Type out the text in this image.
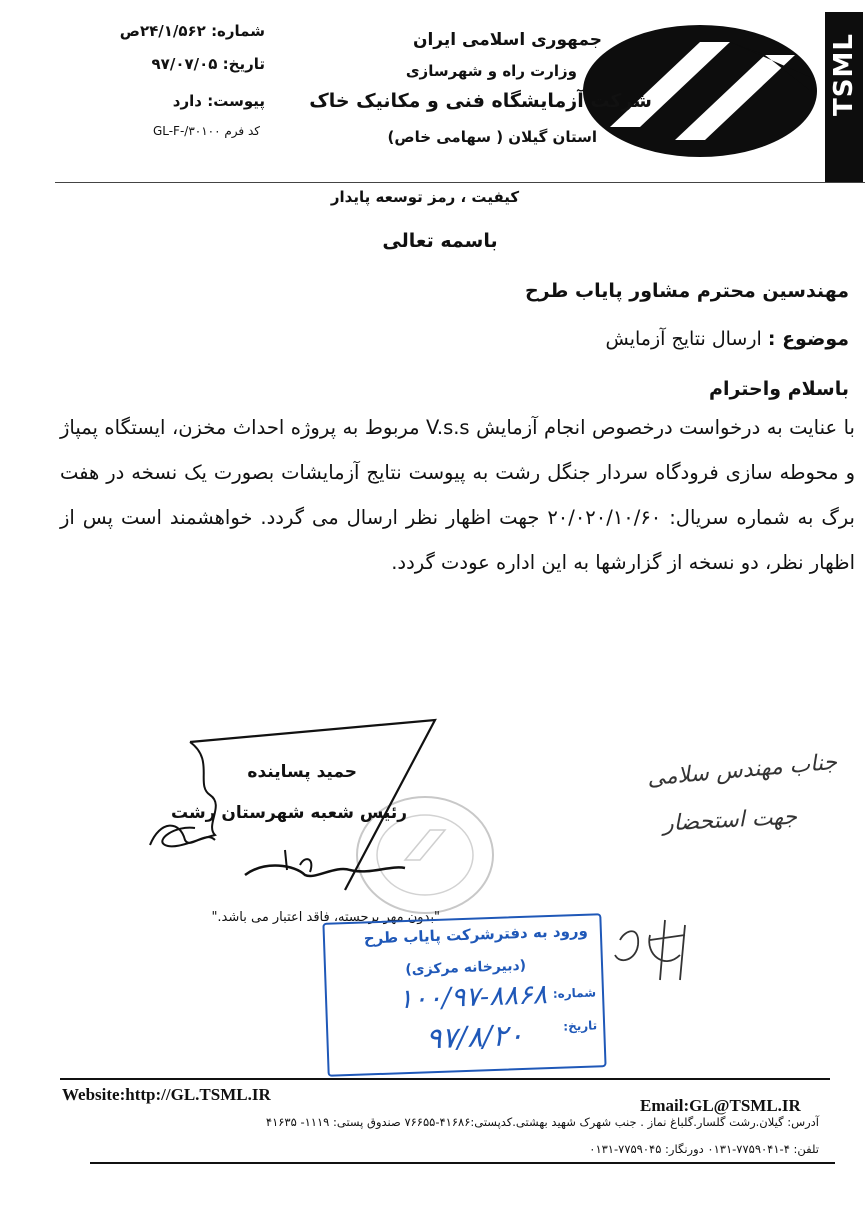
TSML
جمهوری اسلامی ایران
وزارت راه و شهرسازی
شرکت آزمایشگاه فنی و مکانیک خاک
استان گیلان ( سهامی خاص)
شماره: ۲۴/۱/۵۶۲ص
تاریخ: ۹۷/۰۷/۰۵
پیوست: دارد
کد فرم GL-F-/۳۰۱۰۰
کیفیت ، رمز توسعه پایدار
باسمه تعالی
مهندسین محترم مشاور پایاب طرح
موضوع : ارسال نتایج آزمایش
باسلام واحترام
با عنایت به درخواست درخصوص انجام آزمایش V.s.s مربوط به پروژه احداث مخزن، ایستگاه پمپاژ و محوطه سازی فرودگاه سردار جنگل رشت به پیوست نتایج آزمایشات بصورت یک نسخه در هفت برگ به شماره سریال: ۲۰/۰۲۰/۱۰/۶۰ جهت اظهار نظر ارسال می گردد. خواهشمند است پس از اظهار نظر، دو نسخه از گزارشها به این اداره عودت گردد.
حمید پساینده
رئیس شعبه شهرستان رشت
"بدون مهر برجسته، فاقد اعتبار می باشد."
جناب مهندس سلامی
جهت استحضار
ورود به دفترشرکت پایاب طرح
(دبیرخانه مرکزی)
شماره:
۱۰۰/۹۷-۸۸۶۸
تاریخ:
۹۷/۸/۲۰
Website:http://GL.TSML.IR
Email:GL@TSML.IR
آدرس: گیلان.رشت گلسار.گلباغ نماز . جنب شهرک شهید بهشتی.کدپستی:۴۱۶۸۶-۷۶۶۵۵ صندوق پستی: ۱۱۱۹- ۴۱۶۳۵
تلفن: ۴-۷۷۵۹۰۴۱-۰۱۳۱ دورنگار: ۷۷۵۹۰۴۵-۰۱۳۱
